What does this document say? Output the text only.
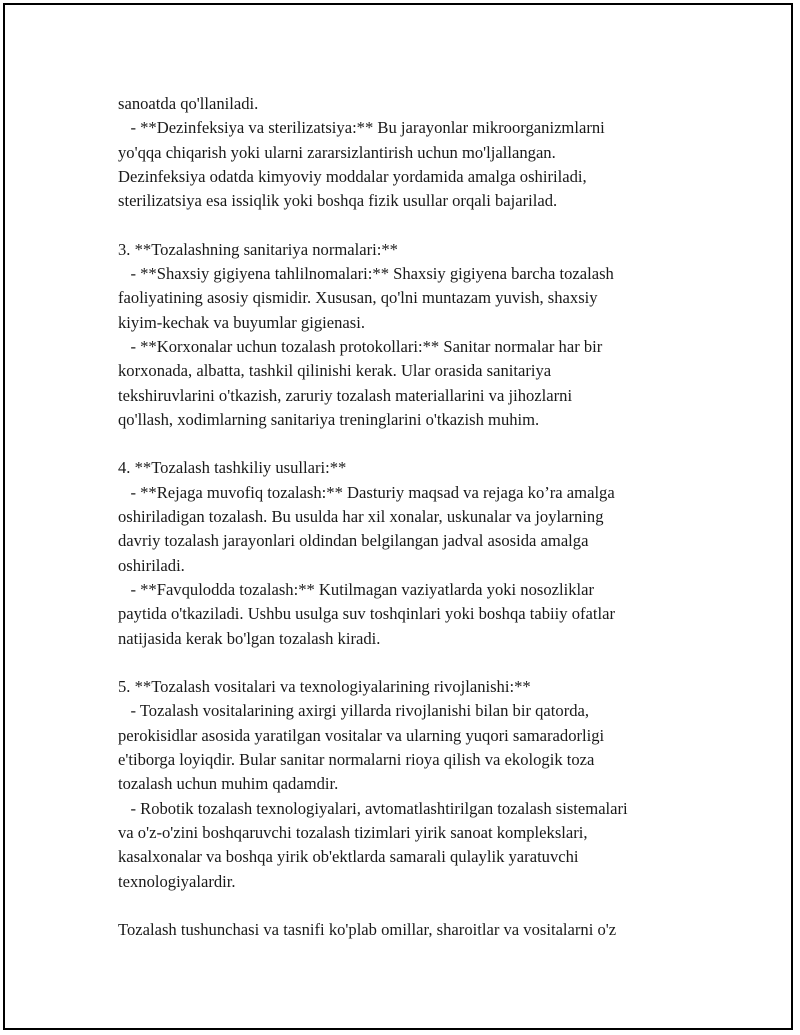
sanoatda qo'llaniladi.
- **Dezinfeksiya va sterilizatsiya:** Bu jarayonlar mikroorganizmlarni
yo'qqa chiqarish yoki ularni zararsizlantirish uchun mo'ljallangan.
Dezinfeksiya odatda kimyoviy moddalar yordamida amalga oshiriladi,
sterilizatsiya esa issiqlik yoki boshqa fizik usullar orqali bajarilad.
3. **Tozalashning sanitariya normalari:**
- **Shaxsiy gigiyena tahlilnomalari:** Shaxsiy gigiyena barcha tozalash
faoliyatining asosiy qismidir. Xususan, qo'lni muntazam yuvish, shaxsiy
kiyim-kechak va buyumlar gigienasi.
- **Korxonalar uchun tozalash protokollari:** Sanitar normalar har bir
korxonada, albatta, tashkil qilinishi kerak. Ular orasida sanitariya
tekshiruvlarini o'tkazish, zaruriy tozalash materiallarini va jihozlarni
qo'llash, xodimlarning sanitariya treninglarini o'tkazish muhim.
4. **Tozalash tashkiliy usullari:**
- **Rejaga muvofiq tozalash:** Dasturiy maqsad va rejaga ko’ra amalga
oshiriladigan tozalash. Bu usulda har xil xonalar, uskunalar va joylarning
davriy tozalash jarayonlari oldindan belgilangan jadval asosida amalga
oshiriladi.
- **Favqulodda tozalash:** Kutilmagan vaziyatlarda yoki nosozliklar
paytida o'tkaziladi. Ushbu usulga suv toshqinlari yoki boshqa tabiiy ofatlar
natijasida kerak bo'lgan tozalash kiradi.
5. **Tozalash vositalari va texnologiyalarining rivojlanishi:**
- Tozalash vositalarining axirgi yillarda rivojlanishi bilan bir qatorda,
perokisidlar asosida yaratilgan vositalar va ularning yuqori samaradorligi
e'tiborga loyiqdir. Bular sanitar normalarni rioya qilish va ekologik toza
tozalash uchun muhim qadamdir.
- Robotik tozalash texnologiyalari, avtomatlashtirilgan tozalash sistemalari
va o'z-o'zini boshqaruvchi tozalash tizimlari yirik sanoat komplekslari,
kasalxonalar va boshqa yirik ob'ektlarda samarali qulaylik yaratuvchi
texnologiyalardir.
Tozalash tushunchasi va tasnifi ko'plab omillar, sharoitlar va vositalarni o'z
